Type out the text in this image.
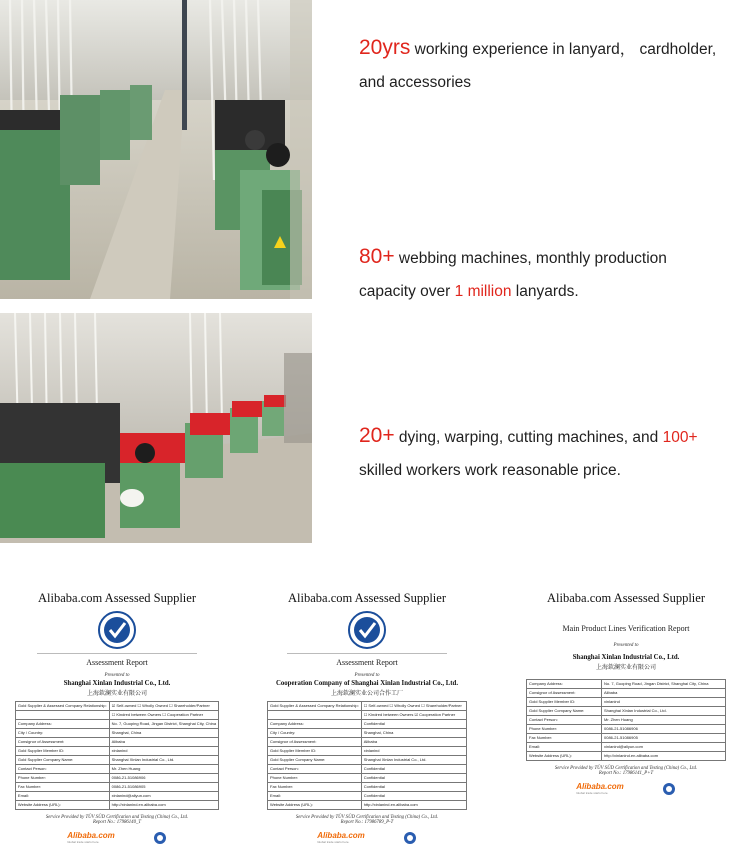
20yrs working experience in lanyard， cardholder,
and accessories
80+ webbing machines, monthly production
capacity over 1 million lanyards.
20+ dying, warping, cutting machines, and 100+
skilled workers work reasonable price.
Alibaba.com Assessed Supplier
Assessment Report
Presented to
Shanghai Xinlan Industrial Co., Ltd.
上海欽澜实业有限公司
Gold Supplier & Assessed Company Relationship:	☑ Self-owned ☐ Wholly Owned ☐ Shareholder/Partner
	☐ Kindred between Owners ☐ Cooperation Partner
Company Address:	No. 7, Guoping Road, Jingan District, Shanghai City, China
City / Country:	Shanghai, China
Consignor of Assessment:	Alibaba
Gold Supplier Member ID:	xinlanind
Gold Supplier Company Name:	Shanghai Xinlan Industrial Co., Ltd.
Contact Person:	Mr. Zhen Huang
Phone Number:	0086-21-51086906
Fax Number:	0086-21-51086905
Email:	xinlanind@aliyun.com
Website Address (URL):	http://xinlanind.en.alibaba.com
Service Provided by TÜV SÜD Certification and Testing (China) Co., Ltd.
Report No.: 17986140_T
Alibaba.com
Global trade starts here.
Alibaba.com Assessed Supplier
Assessment Report
Presented to
Cooperation Company of Shanghai Xinlan Industrial Co., Ltd.
上海欽澜实业公司合作工厂
Gold Supplier & Assessed Company Relationship:	☐ Self-owned ☐ Wholly Owned ☐ Shareholder/Partner
	☐ Kindred between Owners ☑ Cooperation Partner
Company Address:	Confidential
City / Country:	Shanghai, China
Consignor of Assessment:	Alibaba
Gold Supplier Member ID:	xinlanind
Gold Supplier Company Name:	Shanghai Xinlan Industrial Co., Ltd.
Contact Person:	Confidential
Phone Number:	Confidential
Fax Number:	Confidential
Email:	Confidential
Website Address (URL):	http://xinlanind.en.alibaba.com
Service Provided by TÜV SÜD Certification and Testing (China) Co., Ltd.
Report No.: 17986789_P-T
Alibaba.com
Global trade starts here.
Alibaba.com Assessed Supplier
Main Product Lines Verification Report
Presented to
Shanghai Xinlan Industrial Co., Ltd.
上海欽澜实业有限公司
Company Address:	No. 7, Guoping Road, Jingan District, Shanghai City, China
Consignor of Assessment:	Alibaba
Gold Supplier Member ID:	xinlanind
Gold Supplier Company Name:	Shanghai Xinlan Industrial Co., Ltd.
Contact Person:	Mr. Zhen Huang
Phone Number:	0086-21-51086906
Fax Number:	0086-21-51086905
Email:	xinlanind@aliyun.com
Website Address (URL):	http://xinlanind.en.alibaba.com
Service Provided by TÜV SÜD Certification and Testing (China) Co., Ltd.
Report No.: 17986141_P+T
Alibaba.com
Global trade starts here.
